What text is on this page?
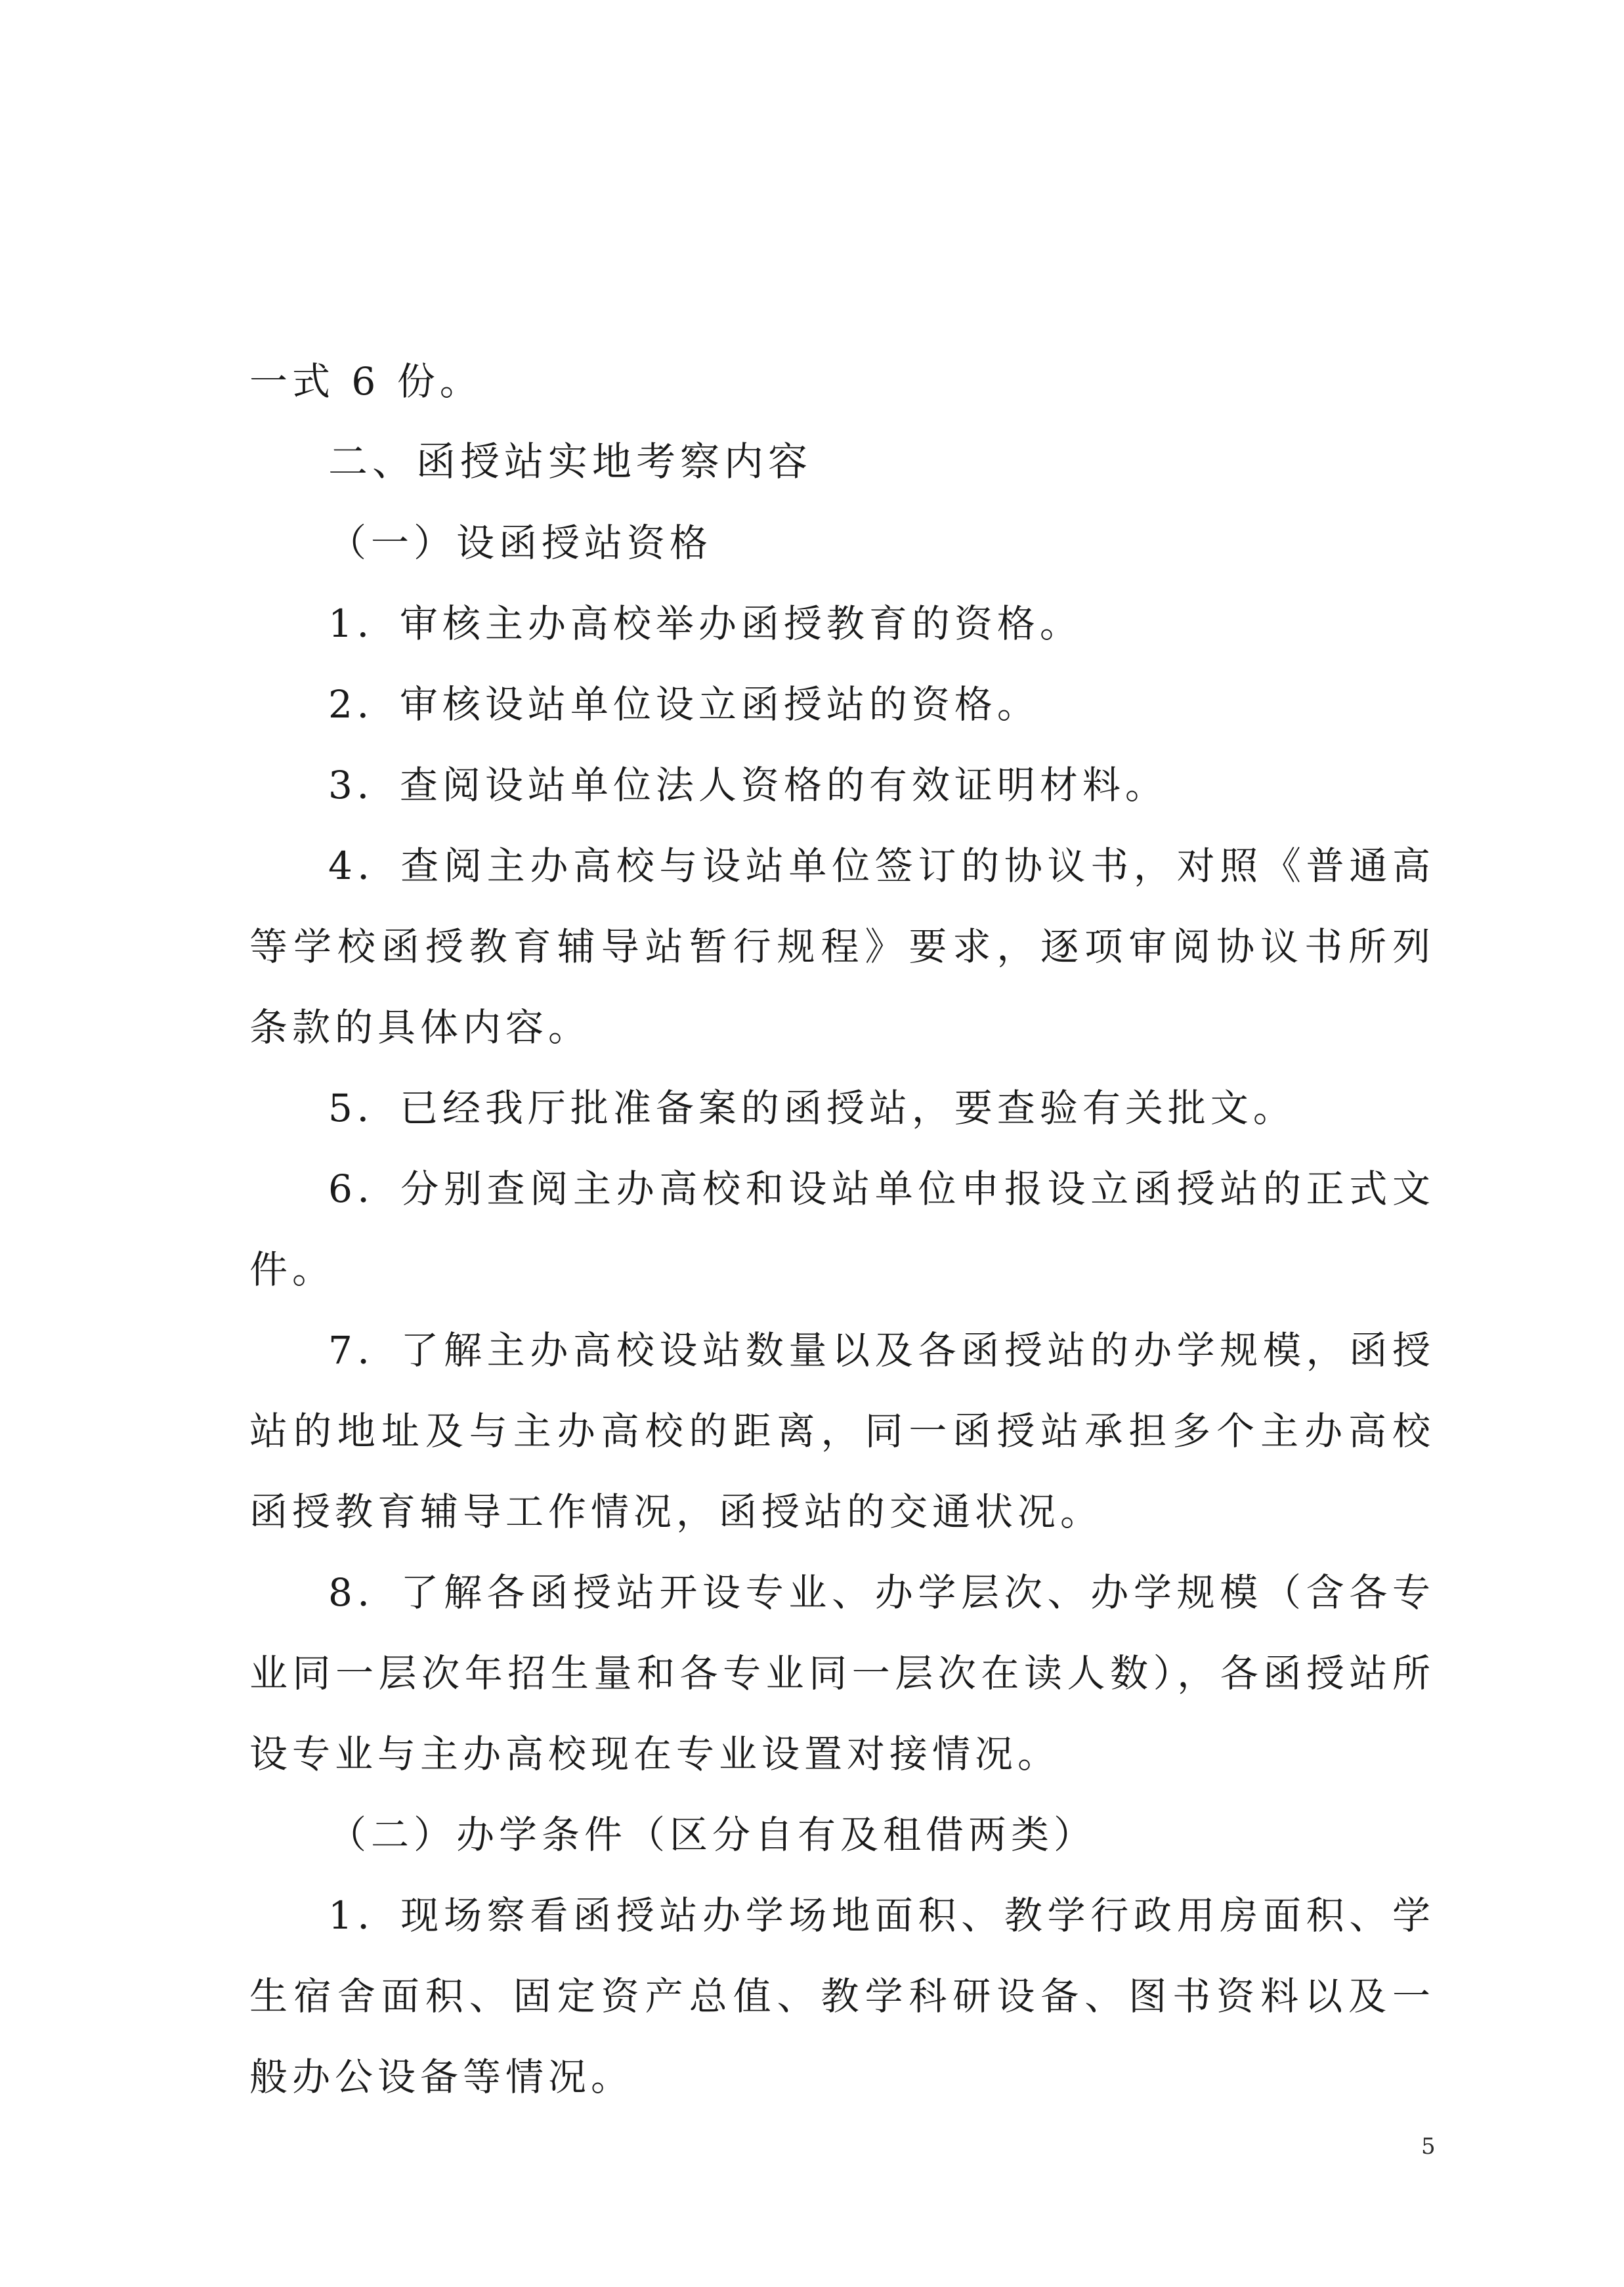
一式 6 份。

二、函授站实地考察内容

（一）设函授站资格

1．审核主办高校举办函授教育的资格。

2．审核设站单位设立函授站的资格。

3．查阅设站单位法人资格的有效证明材料。

4．查阅主办高校与设站单位签订的协议书，对照《普通高等学校函授教育辅导站暂行规程》要求，逐项审阅协议书所列条款的具体内容。

5．已经我厅批准备案的函授站，要查验有关批文。

6．分别查阅主办高校和设站单位申报设立函授站的正式文件。

7．了解主办高校设站数量以及各函授站的办学规模，函授站的地址及与主办高校的距离，同一函授站承担多个主办高校函授教育辅导工作情况，函授站的交通状况。

8．了解各函授站开设专业、办学层次、办学规模（含各专业同一层次年招生量和各专业同一层次在读人数），各函授站所设专业与主办高校现在专业设置对接情况。

（二）办学条件（区分自有及租借两类）

1．现场察看函授站办学场地面积、教学行政用房面积、学生宿舍面积、固定资产总值、教学科研设备、图书资料以及一般办公设备等情况。

5
